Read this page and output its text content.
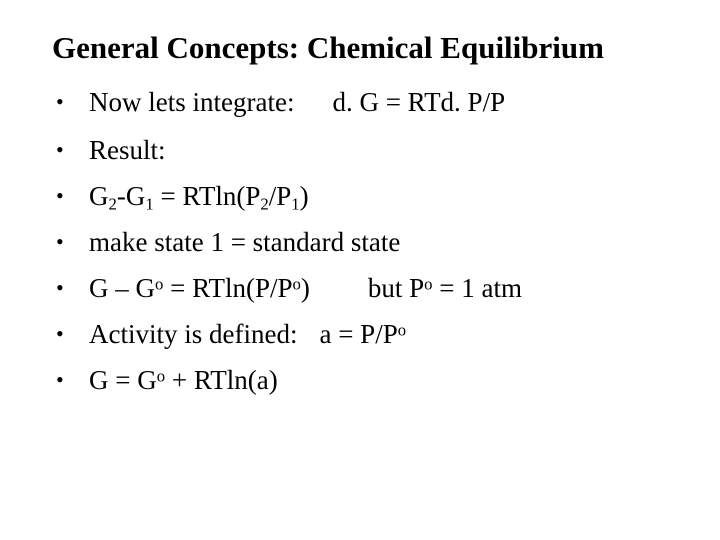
General Concepts: Chemical Equilibrium
• Now lets integrate: d. G = RTd. P/P
• Result:
• $G_2-G_1 = RTln(P_2/P_1)$
• make state 1 = standard state
• $G - G^o = RTln(P/P^o)$ but $P^o = 1$ atm
• Activity is defined: $a = P/P^o$
• $G = G^o + RTln(a)$
